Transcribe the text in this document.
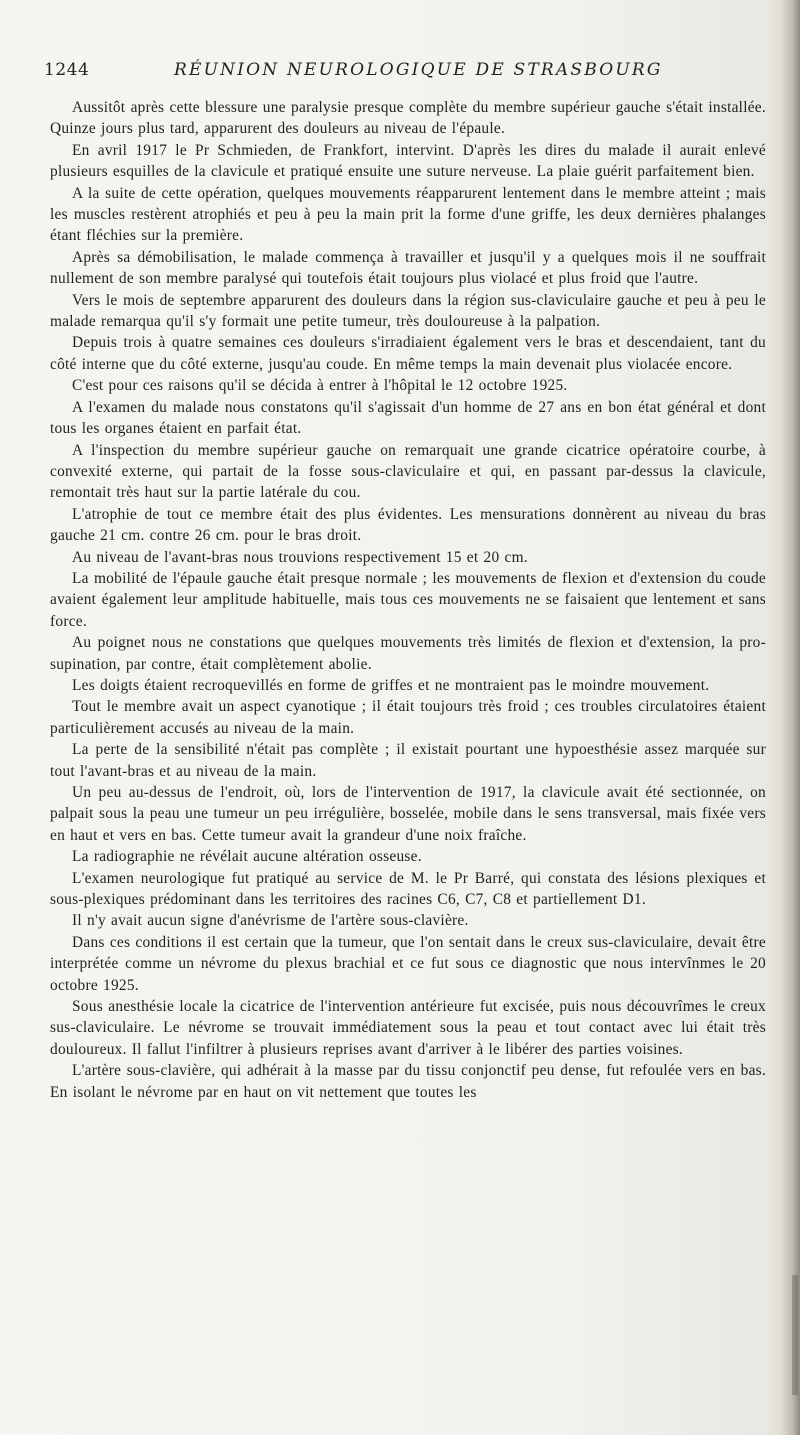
1244	RÉUNION NEUROLOGIQUE DE STRASBOURG

Aussitôt après cette blessure une paralysie presque complète du membre supérieur gauche s'était installée. Quinze jours plus tard, apparurent des douleurs au niveau de l'épaule.

En avril 1917 le Pr Schmieden, de Frankfort, intervint. D'après les dires du malade il aurait enlevé plusieurs esquilles de la clavicule et pratiqué ensuite une suture nerveuse. La plaie guérit parfaitement bien.

A la suite de cette opération, quelques mouvements réapparurent lentement dans le membre atteint ; mais les muscles restèrent atrophiés et peu à peu la main prit la forme d'une griffe, les deux dernières phalanges étant fléchies sur la première.

Après sa démobilisation, le malade commença à travailler et jusqu'il y a quelques mois il ne souffrait nullement de son membre paralysé qui toutefois était toujours plus violacé et plus froid que l'autre.

Vers le mois de septembre apparurent des douleurs dans la région sus-claviculaire gauche et peu à peu le malade remarqua qu'il s'y formait une petite tumeur, très douloureuse à la palpation.

Depuis trois à quatre semaines ces douleurs s'irradiaient également vers le bras et descendaient, tant du côté interne que du côté externe, jusqu'au coude. En même temps la main devenait plus violacée encore.

C'est pour ces raisons qu'il se décida à entrer à l'hôpital le 12 octobre 1925.

A l'examen du malade nous constatons qu'il s'agissait d'un homme de 27 ans en bon état général et dont tous les organes étaient en parfait état.

A l'inspection du membre supérieur gauche on remarquait une grande cicatrice opératoire courbe, à convexité externe, qui partait de la fosse sous-claviculaire et qui, en passant par-dessus la clavicule, remontait très haut sur la partie latérale du cou.

L'atrophie de tout ce membre était des plus évidentes. Les mensurations donnèrent au niveau du bras gauche 21 cm. contre 26 cm. pour le bras droit.

Au niveau de l'avant-bras nous trouvions respectivement 15 et 20 cm.

La mobilité de l'épaule gauche était presque normale ; les mouvements de flexion et d'extension du coude avaient également leur amplitude habituelle, mais tous ces mouvements ne se faisaient que lentement et sans force.

Au poignet nous ne constations que quelques mouvements très limités de flexion et d'extension, la pro-supination, par contre, était complètement abolie.

Les doigts étaient recroquevillés en forme de griffes et ne montraient pas le moindre mouvement.

Tout le membre avait un aspect cyanotique ; il était toujours très froid ; ces troubles circulatoires étaient particulièrement accusés au niveau de la main.

La perte de la sensibilité n'était pas complète ; il existait pourtant une hypoesthésie assez marquée sur tout l'avant-bras et au niveau de la main.

Un peu au-dessus de l'endroit, où, lors de l'intervention de 1917, la clavicule avait été sectionnée, on palpait sous la peau une tumeur un peu irrégulière, bosselée, mobile dans le sens transversal, mais fixée vers en haut et vers en bas. Cette tumeur avait la grandeur d'une noix fraîche.

La radiographie ne révélait aucune altération osseuse.

L'examen neurologique fut pratiqué au service de M. le Pr Barré, qui constata des lésions plexiques et sous-plexiques prédominant dans les territoires des racines C6, C7, C8 et partiellement D1.

Il n'y avait aucun signe d'anévrisme de l'artère sous-clavière.

Dans ces conditions il est certain que la tumeur, que l'on sentait dans le creux sus-claviculaire, devait être interprétée comme un névrome du plexus brachial et ce fut sous ce diagnostic que nous intervînmes le 20 octobre 1925.

Sous anesthésie locale la cicatrice de l'intervention antérieure fut excisée, puis nous découvrîmes le creux sus-claviculaire. Le névrome se trouvait immédiatement sous la peau et tout contact avec lui était très douloureux. Il fallut l'infiltrer à plusieurs reprises avant d'arriver à le libérer des parties voisines.

L'artère sous-clavière, qui adhérait à la masse par du tissu conjonctif peu dense, fut refoulée vers en bas. En isolant le névrome par en haut on vit nettement que toutes les
